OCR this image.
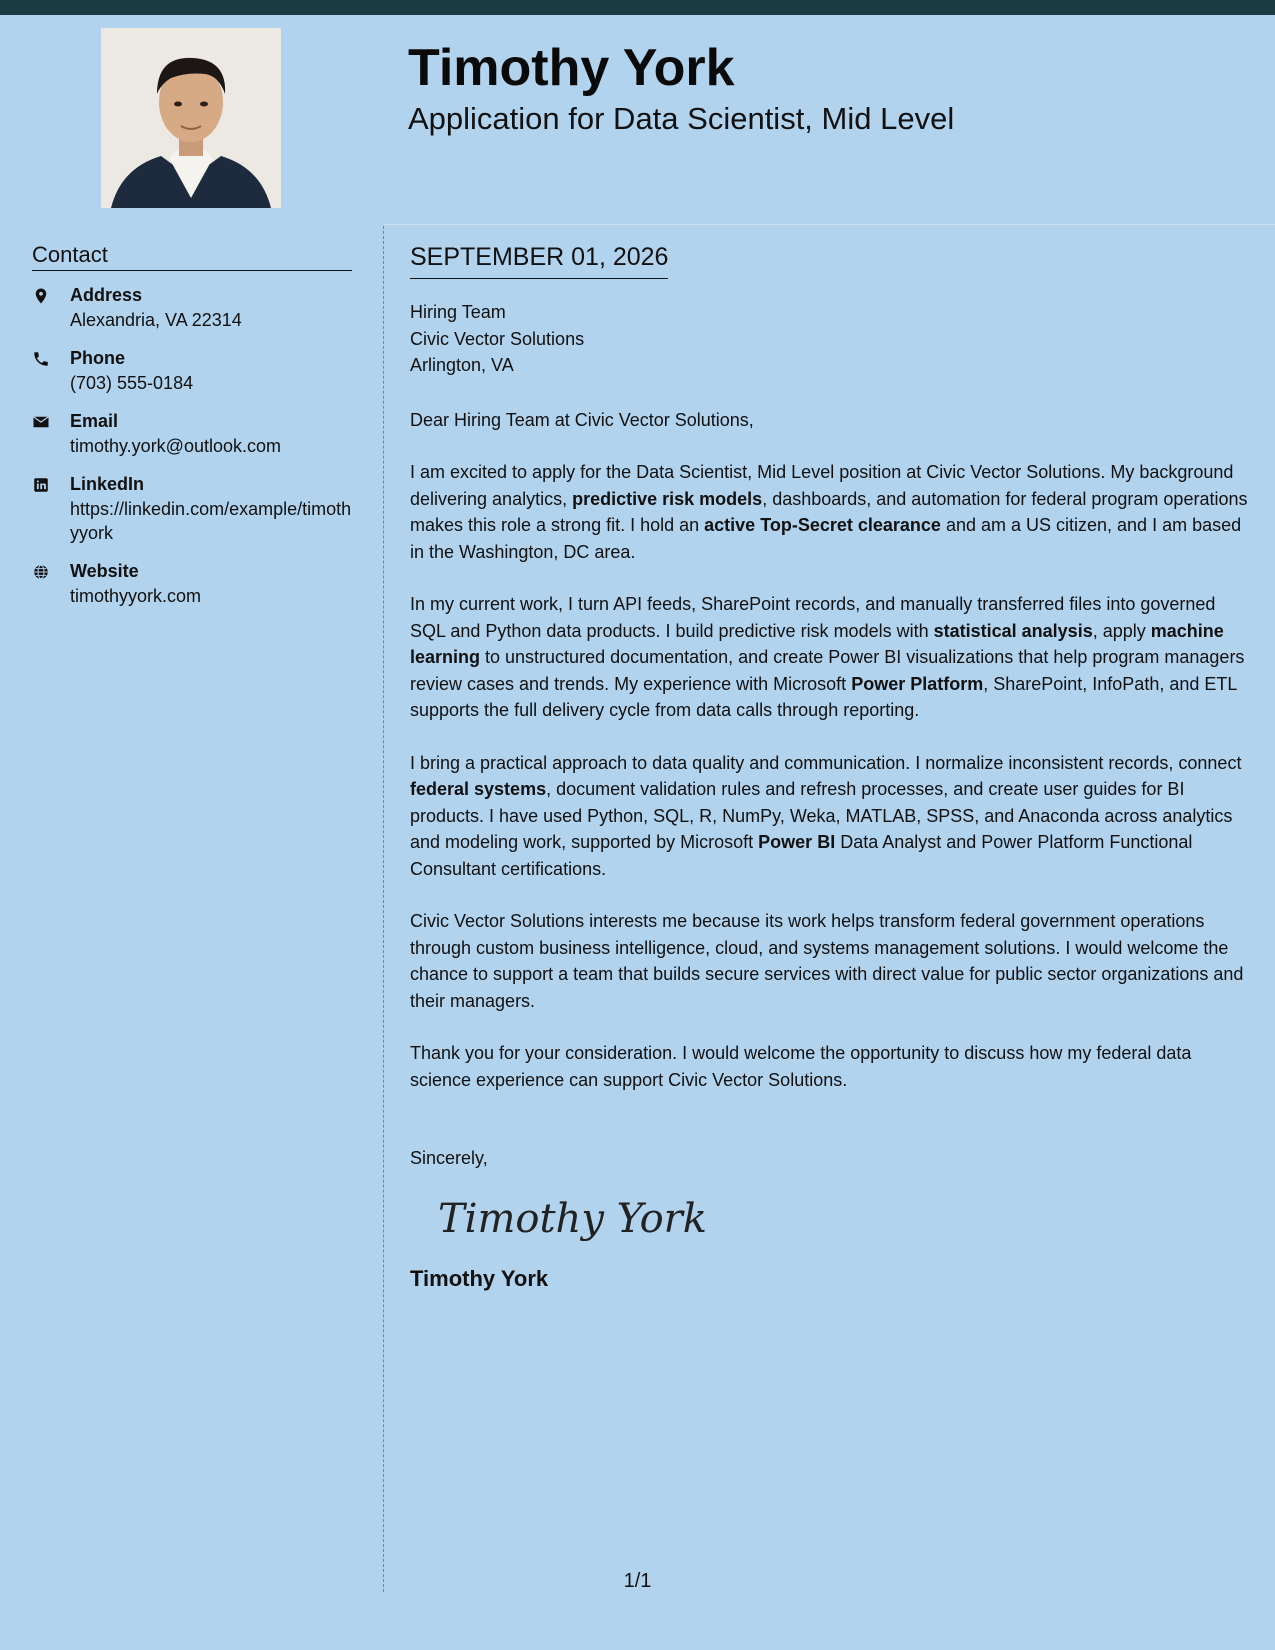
Timothy York
Application for Data Scientist, Mid Level
Contact
Address
Alexandria, VA 22314
Phone
(703) 555-0184
Email
timothy.york@outlook.com
LinkedIn
https://linkedin.com/example/timothyyork
Website
timothyyork.com
SEPTEMBER 01, 2026
Hiring Team
Civic Vector Solutions
Arlington, VA
Dear Hiring Team at Civic Vector Solutions,
I am excited to apply for the Data Scientist, Mid Level position at Civic Vector Solutions. My background delivering analytics, predictive risk models, dashboards, and automation for federal program operations makes this role a strong fit. I hold an active Top-Secret clearance and am a US citizen, and I am based in the Washington, DC area.
In my current work, I turn API feeds, SharePoint records, and manually transferred files into governed SQL and Python data products. I build predictive risk models with statistical analysis, apply machine learning to unstructured documentation, and create Power BI visualizations that help program managers review cases and trends. My experience with Microsoft Power Platform, SharePoint, InfoPath, and ETL supports the full delivery cycle from data calls through reporting.
I bring a practical approach to data quality and communication. I normalize inconsistent records, connect federal systems, document validation rules and refresh processes, and create user guides for BI products. I have used Python, SQL, R, NumPy, Weka, MATLAB, SPSS, and Anaconda across analytics and modeling work, supported by Microsoft Power BI Data Analyst and Power Platform Functional Consultant certifications.
Civic Vector Solutions interests me because its work helps transform federal government operations through custom business intelligence, cloud, and systems management solutions. I would welcome the chance to support a team that builds secure services with direct value for public sector organizations and their managers.
Thank you for your consideration. I would welcome the opportunity to discuss how my federal data science experience can support Civic Vector Solutions.
Sincerely,
Timothy York
Timothy York
1/1
